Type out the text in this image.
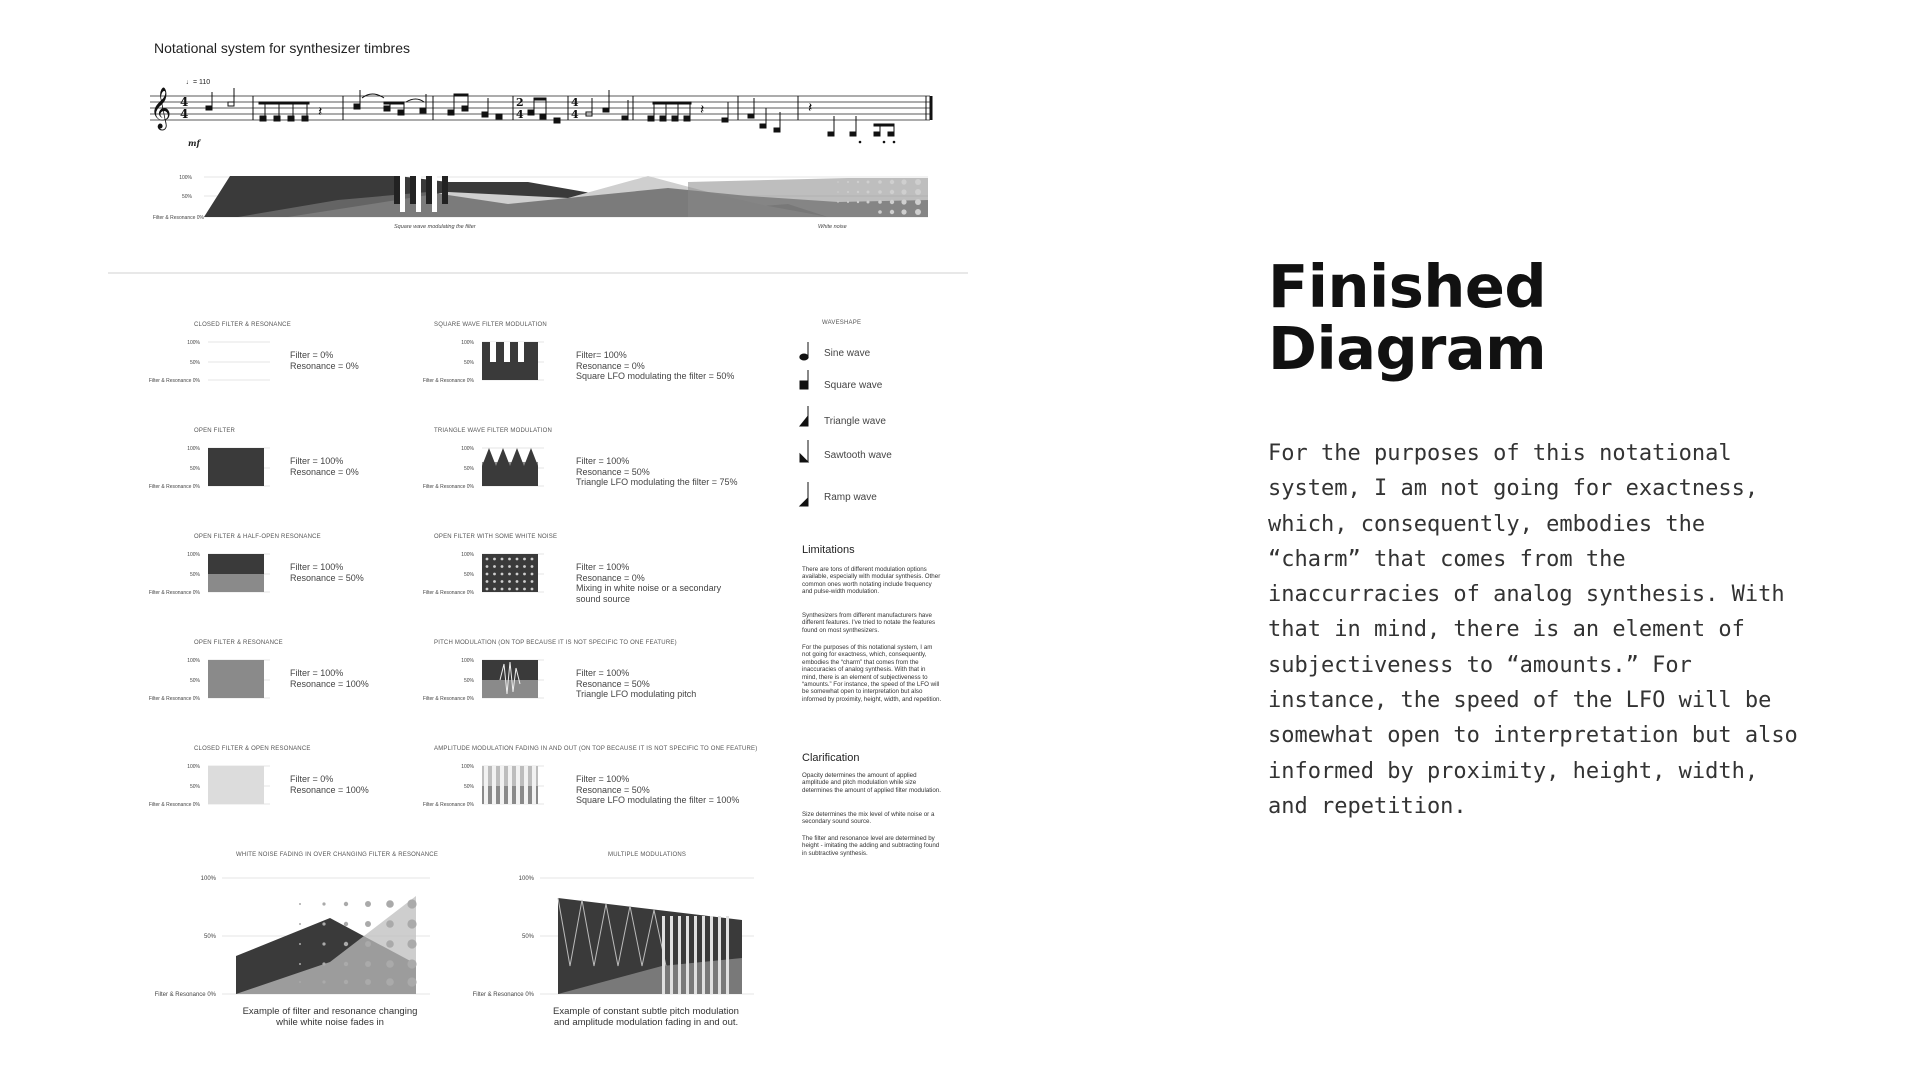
Notational system for synthesizer timbres
♩= 110
𝄞 4
4
mf
2
4
4
4
𝄽	𝄽	𝄽
100%
50%
Filter & Resonance 0%
Square wave modulating the filter	White noise
CLOSED FILTER & RESONANCE
100%
50%
Filter & Resonance 0%
Filter = 0%
Resonance = 0%
SQUARE WAVE FILTER MODULATION
100%
50%
Filter & Resonance 0%
Filter= 100%
Resonance = 0%
Square LFO modulating the filter = 50%
OPEN FILTER
100%
50%
Filter & Resonance 0%
Filter = 100%
Resonance = 0%
TRIANGLE WAVE FILTER MODULATION
100%
50%
Filter & Resonance 0%
Filter = 100%
Resonance = 50%
Triangle LFO modulating the filter = 75%
OPEN FILTER & HALF-OPEN RESONANCE
100%
50%
Filter & Resonance 0%
Filter = 100%
Resonance = 50%
OPEN FILTER WITH SOME WHITE NOISE
100%
50%
Filter & Resonance 0%
Filter = 100%
Resonance = 0%
Mixing in white noise or a secondary
sound source
OPEN FILTER & RESONANCE
100%
50%
Filter & Resonance 0%
Filter = 100%
Resonance = 100%
PITCH MODULATION (ON TOP BECAUSE IT IS NOT SPECIFIC TO ONE FEATURE)
100%
50%
Filter & Resonance 0%
Filter = 100%
Resonance = 50%
Triangle LFO modulating pitch
CLOSED FILTER & OPEN RESONANCE
100%
50%
Filter & Resonance 0%
Filter = 0%
Resonance = 100%
AMPLITUDE MODULATION FADING IN AND OUT (ON TOP BECAUSE IT IS NOT SPECIFIC TO ONE FEATURE)
100%
50%
Filter & Resonance 0%
Filter = 100%
Resonance = 50%
Square LFO modulating the filter = 100%
WHITE NOISE FADING IN OVER CHANGING FILTER & RESONANCE	MULTIPLE MODULATIONS
100%
50%
Filter & Resonance 0%
Example of filter and resonance changing
while white noise fades in
100%
50%
Filter & Resonance 0%
Example of constant subtle pitch modulation
and amplitude modulation fading in and out.
WAVESHAPE
Sine wave
Square wave
Triangle wave
Sawtooth wave
Ramp wave
Limitations
There are tons of different modulation options available, especially with modular synthesis. Other common ones worth notating include frequency and pulse-width modulation.
Synthesizers from different manufacturers have different features. I've tried to notate the features found on most synthesizers.
For the purposes of this notational system, I am not going for exactness, which, consequently, embodies the “charm” that comes from the inaccuracies of analog synthesis. With that in mind, there is an element of subjectiveness to “amounts.” For instance, the speed of the LFO will be somewhat open to interpretation but also informed by proximity, height, width, and repetition.
Clarification
Opacity determines the amount of applied amplitude and pitch modulation while size determines the amount of applied filter modulation.
Size determines the mix level of white noise or a secondary sound source.
The filter and resonance level are determined by height - imitating the adding and subtracting found in subtractive synthesis.
Finished
Diagram
For the purposes of this notational system, I am not going for exactness, which, consequently, embodies the “charm” that comes from the inaccurracies of analog synthesis. With that in mind, there is an element of subjectiveness to “amounts.” For instance, the speed of the LFO will be somewhat open to interpretation but also informed by proximity, height, width, and repetition.
